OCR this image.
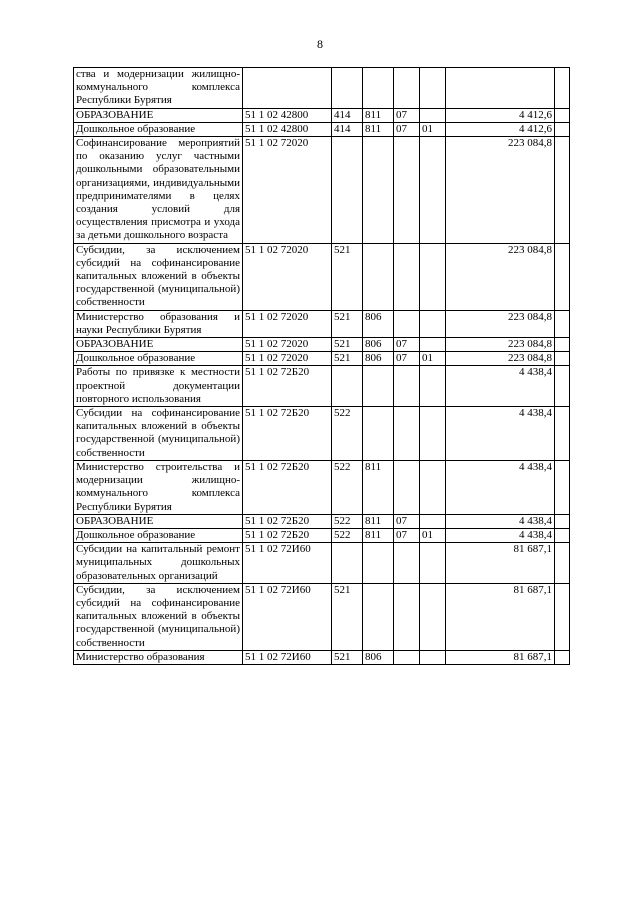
8
ства и модернизации жилищно-коммунального комплекса Республики Бурятия							
ОБРАЗОВАНИЕ	51 1 02 42800	414	811	07		4 412,6	
Дошкольное образование	51 1 02 42800	414	811	07	01	4 412,6	
Софинансирование мероприятий по оказанию услуг частными дошкольными образовательными организациями, индивидуальными предпринимателями в целях создания условий для осуществления присмотра и ухода за детьми дошкольного возраста	51 1 02 72020					223 084,8	
Субсидии, за исключением субсидий на софинансирование капитальных вложений в объекты государственной (муниципальной) собственности	51 1 02 72020	521				223 084,8	
Министерство образования и науки Республики Бурятия	51 1 02 72020	521	806			223 084,8	
ОБРАЗОВАНИЕ	51 1 02 72020	521	806	07		223 084,8	
Дошкольное образование	51 1 02 72020	521	806	07	01	223 084,8	
Работы по привязке к местности проектной документации повторного использования	51 1 02 72Б20					4 438,4	
Субсидии на софинансирование капитальных вложений в объекты государственной (муниципальной) собственности	51 1 02 72Б20	522				4 438,4	
Министерство строительства и модернизации жилищно-коммунального комплекса Республики Бурятия	51 1 02 72Б20	522	811			4 438,4	
ОБРАЗОВАНИЕ	51 1 02 72Б20	522	811	07		4 438,4	
Дошкольное образование	51 1 02 72Б20	522	811	07	01	4 438,4	
Субсидии на капитальный ремонт муниципальных дошкольных образовательных организаций	51 1 02 72И60					81 687,1	
Субсидии, за исключением субсидий на софинансирование капитальных вложений в объекты государственной (муниципальной) собственности	51 1 02 72И60	521				81 687,1	
Министерство образования	51 1 02 72И60	521	806			81 687,1	
